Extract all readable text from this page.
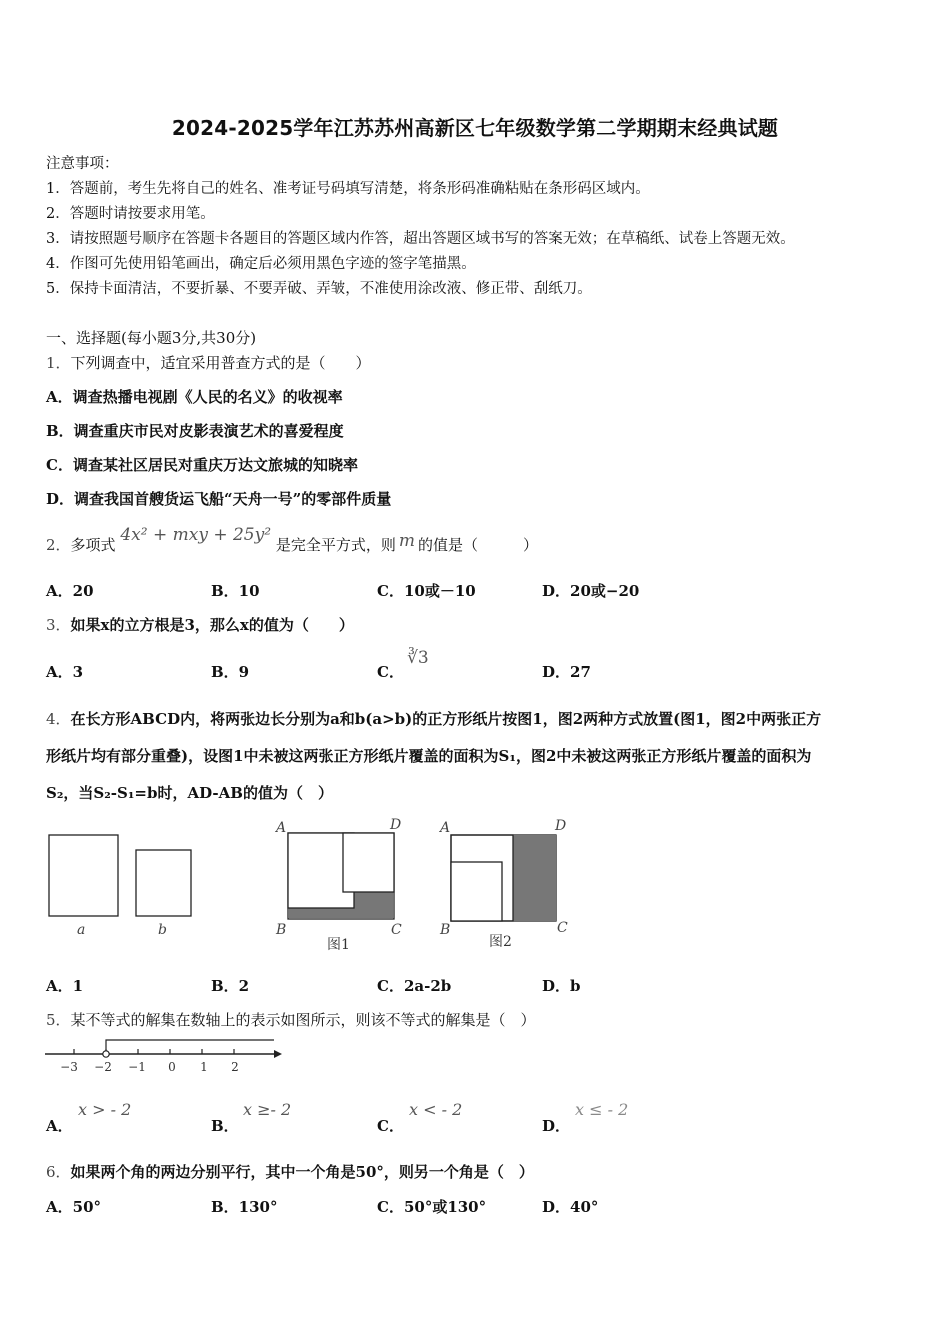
2024-2025学年江苏苏州高新区七年级数学第二学期期末经典试题
注意事项：
1．答题前，考生先将自己的姓名、准考证号码填写清楚，将条形码准确粘贴在条形码区域内。
2．答题时请按要求用笔。
3．请按照题号顺序在答题卡各题目的答题区域内作答，超出答题区域书写的答案无效；在草稿纸、试卷上答题无效。
4．作图可先使用铅笔画出，确定后必须用黑色字迹的签字笔描黑。
5．保持卡面清洁，不要折暴、不要弄破、弄皱，不准使用涂改液、修正带、刮纸刀。
一、选择题(每小题3分,共30分)
1．下列调查中，适宜采用普查方式的是（　　）
A．调查热播电视剧《人民的名义》的收视率
B．调查重庆市民对皮影表演艺术的喜爱程度
C．调查某社区居民对重庆万达文旅城的知晓率
D．调查我国首艘货运飞船“天舟一号”的零部件质量
2．多项式 4x² + mxy + 25y² 是完全平方式，则 m 的值是（　　　）
A．20	B．10	C．10或－10	D．20或−20
3．如果x的立方根是3，那么x的值为（　　）
A．3	B．9	C．
∛3
D．27
4．在长方形ABCD内，将两张边长分别为a和b(a>b)的正方形纸片按图1，图2两种方式放置(图1，图2中两张正方
形纸片均有部分重叠)，设图1中未被这两张正方形纸片覆盖的面积为S₁，图2中未被这两张正方形纸片覆盖的面积为
S₂，当S₂-S₁=b时，AD-AB的值为（　）
a	b
A	D
B	C
图1
A	D
B	C
图2
A．1	B．2	C．2a-2b	D．b
5．某不等式的解集在数轴上的表示如图所示，则该不等式的解集是（　）
−3 −2 −1 0 1 2
A．
x > - 2
B．
x ≥- 2
C．
x < - 2
D．
x ≤ - 2
6．如果两个角的两边分别平行，其中一个角是50°，则另一个角是（　）
A．50°	B．130°	C．50°或130°	D．40°
